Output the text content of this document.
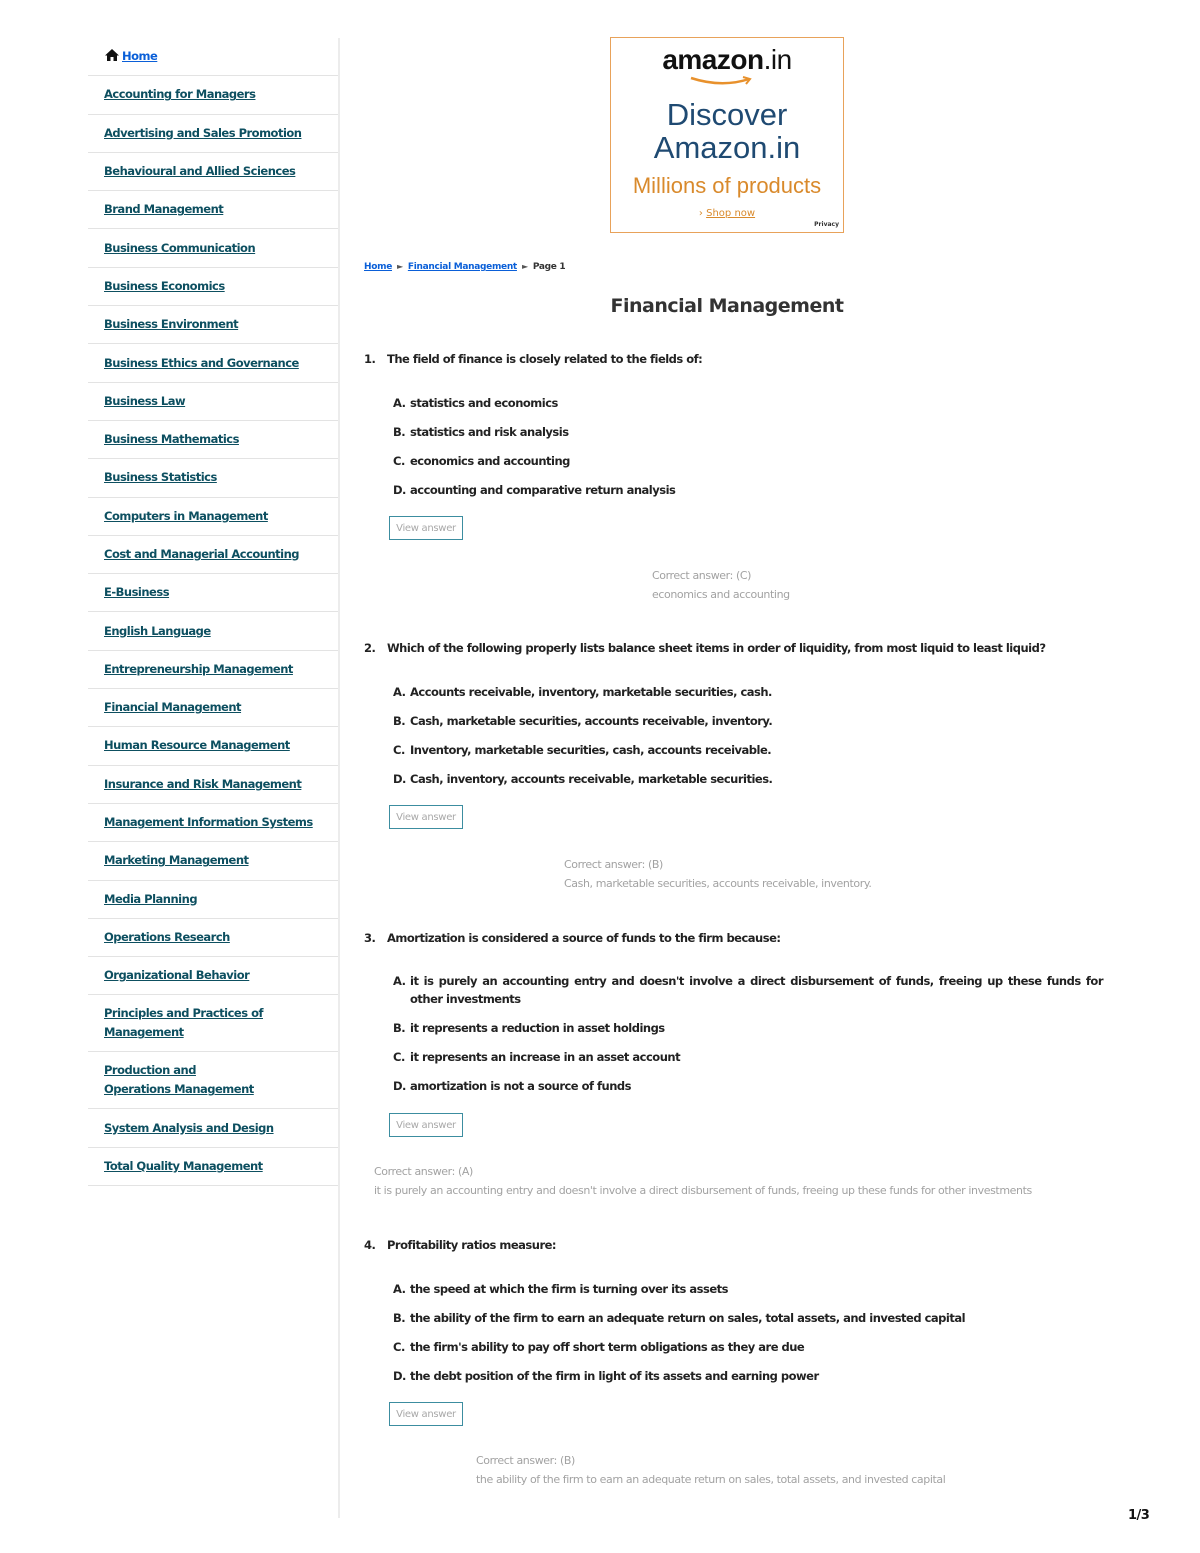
Home
Accounting for Managers
Advertising and Sales Promotion
Behavioural and Allied Sciences
Brand Management
Business Communication
Business Economics
Business Environment
Business Ethics and Governance
Business Law
Business Mathematics
Business Statistics
Computers in Management
Cost and Managerial Accounting
E-Business
English Language
Entrepreneurship Management
Financial Management
Human Resource Management
Insurance and Risk Management
Management Information Systems
Marketing Management
Media Planning
Operations Research
Organizational Behavior
Principles and Practices of Management
Production and Operations Management
System Analysis and Design
Total Quality Management
amazon.in
Discover
Amazon.in
Millions of products
› Shop now
Privacy
Home ► Financial Management ► Page 1
Financial Management
1. The field of finance is closely related to the fields of:
A. statistics and economics
B. statistics and risk analysis
C. economics and accounting
D. accounting and comparative return analysis
View answer
Correct answer: (C)
economics and accounting
2. Which of the following properly lists balance sheet items in order of liquidity, from most liquid to least liquid?
A. Accounts receivable, inventory, marketable securities, cash.
B. Cash, marketable securities, accounts receivable, inventory.
C. Inventory, marketable securities, cash, accounts receivable.
D. Cash, inventory, accounts receivable, marketable securities.
View answer
Correct answer: (B)
Cash, marketable securities, accounts receivable, inventory.
3. Amortization is considered a source of funds to the firm because:
A. it is purely an accounting entry and doesn't involve a direct disbursement of funds, freeing up these funds for other investments
B. it represents a reduction in asset holdings
C. it represents an increase in an asset account
D. amortization is not a source of funds
View answer
Correct answer: (A)
it is purely an accounting entry and doesn't involve a direct disbursement of funds, freeing up these funds for other investments
4. Profitability ratios measure:
A. the speed at which the firm is turning over its assets
B. the ability of the firm to earn an adequate return on sales, total assets, and invested capital
C. the firm's ability to pay off short term obligations as they are due
D. the debt position of the firm in light of its assets and earning power
View answer
Correct answer: (B)
the ability of the firm to earn an adequate return on sales, total assets, and invested capital
1/3
